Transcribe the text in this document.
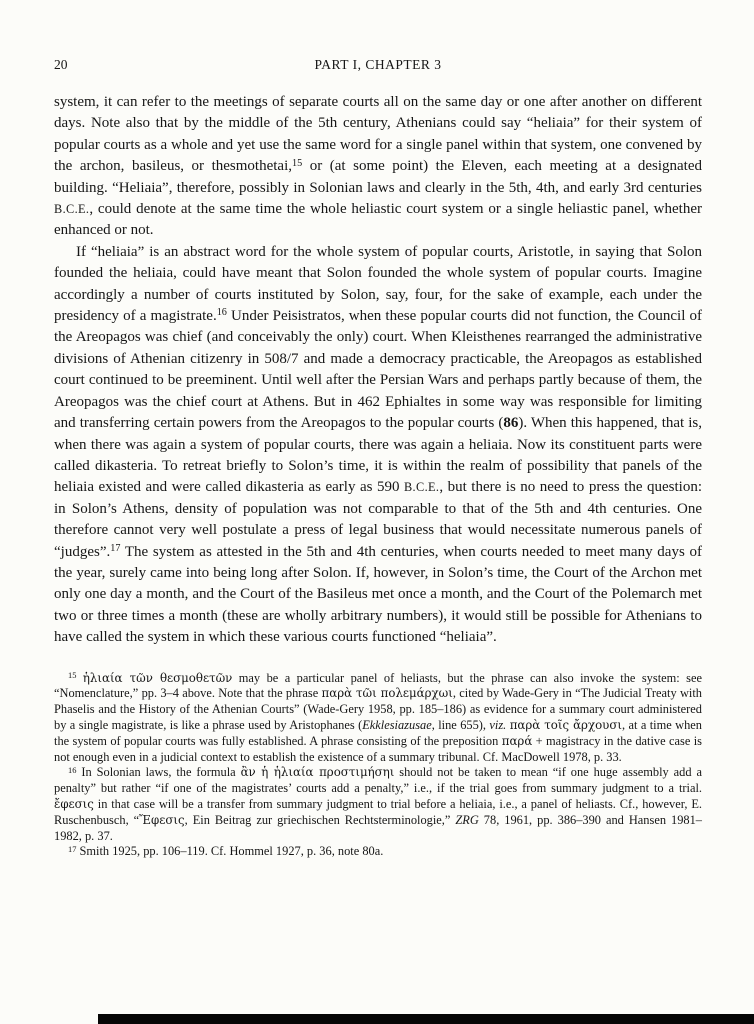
20	PART I, CHAPTER 3

system, it can refer to the meetings of separate courts all on the same day or one after another on different days. Note also that by the middle of the 5th century, Athenians could say “heliaia” for their system of popular courts as a whole and yet use the same word for a single panel within that system, one convened by the archon, basileus, or thesmothetai,$^{15}$ or (at some point) the Eleven, each meeting at a designated building. “Heliaia”, therefore, possibly in Solonian laws and clearly in the 5th, 4th, and early 3rd centuries B.C.E., could denote at the same time the whole heliastic court system or a single heliastic panel, whether enhanced or not.

If “heliaia” is an abstract word for the whole system of popular courts, Aristotle, in saying that Solon founded the heliaia, could have meant that Solon founded the whole system of popular courts. Imagine accordingly a number of courts instituted by Solon, say, four, for the sake of example, each under the presidency of a magistrate.$^{16}$ Under Peisistratos, when these popular courts did not function, the Council of the Areopagos was chief (and conceivably the only) court. When Kleisthenes rearranged the administrative divisions of Athenian citizenry in 508/7 and made a democracy practicable, the Areopagos as established court continued to be preeminent. Until well after the Persian Wars and perhaps partly because of them, the Areopagos was the chief court at Athens. But in 462 Ephialtes in some way was responsible for limiting and transferring certain powers from the Areopagos to the popular courts (86). When this happened, that is, when there was again a system of popular courts, there was again a heliaia. Now its constituent parts were called dikasteria. To retreat briefly to Solon’s time, it is within the realm of possibility that panels of the heliaia existed and were called dikasteria as early as 590 B.C.E., but there is no need to press the question: in Solon’s Athens, density of population was not comparable to that of the 5th and 4th centuries. One therefore cannot very well postulate a press of legal business that would necessitate numerous panels of “judges”.$^{17}$ The system as attested in the 5th and 4th centuries, when courts needed to meet many days of the year, surely came into being long after Solon. If, however, in Solon’s time, the Court of the Archon met only one day a month, and the Court of the Basileus met once a month, and the Court of the Polemarch met two or three times a month (these are wholly arbitrary numbers), it would still be possible for Athenians to have called the system in which these various courts functioned “heliaia”.

$^{15}$ ἡλιαία τῶν θεσμοθετῶν may be a particular panel of heliasts, but the phrase can also invoke the system: see “Nomenclature,” pp. 3–4 above. Note that the phrase παρὰ τῶι πολεμάρχωι, cited by Wade-Gery in “The Judicial Treaty with Phaselis and the History of the Athenian Courts” (Wade-Gery 1958, pp. 185–186) as evidence for a summary court administered by a single magistrate, is like a phrase used by Aristophanes (Ekklesiazusae, line 655), viz. παρὰ τοῖς ἄρχουσι, at a time when the system of popular courts was fully established. A phrase consisting of the preposition παρά + magistracy in the dative case is not enough even in a judicial context to establish the existence of a summary tribunal. Cf. MacDowell 1978, p. 33.

$^{16}$ In Solonian laws, the formula ἂν ἡ ἡλιαία προστιμήσηι should not be taken to mean “if one huge assembly add a penalty” but rather “if one of the magistrates’ courts add a penalty,” i.e., if the trial goes from summary judgment to a trial. ἔφεσις in that case will be a transfer from summary judgment to trial before a heliaia, i.e., a panel of heliasts. Cf., however, E. Ruschenbusch, “Ἔφεσις, Ein Beitrag zur griechischen Rechtsterminologie,” ZRG 78, 1961, pp. 386–390 and Hansen 1981–1982, p. 37.

$^{17}$ Smith 1925, pp. 106–119. Cf. Hommel 1927, p. 36, note 80a.
